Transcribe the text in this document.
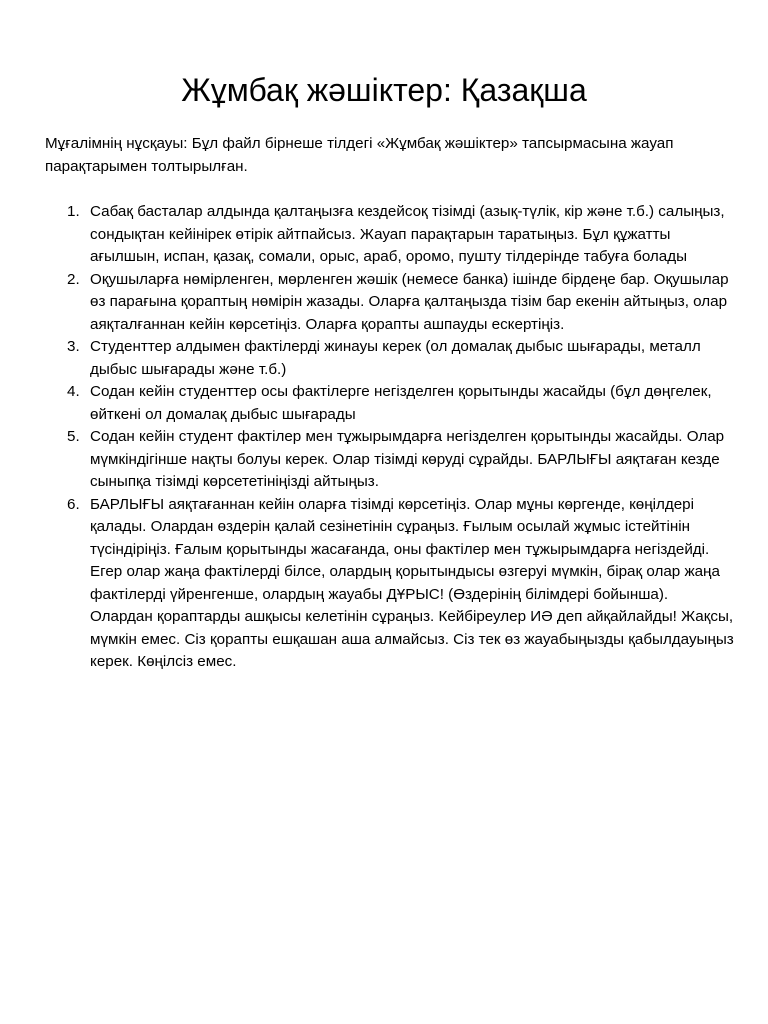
Жұмбақ жәшіктер: Қазақша

Мұғалімнің нұсқауы: Бұл файл бірнеше тілдегі «Жұмбақ жәшіктер» тапсырмасына жауап парақтарымен толтырылған.

1. Сабақ басталар алдында қалтаңызға кездейсоқ тізімді (азық-түлік, кір және т.б.) салыңыз, сондықтан кейінірек өтірік айтпайсыз. Жауап парақтарын таратыңыз. Бұл құжатты ағылшын, испан, қазақ, сомали, орыс, араб, оромо, пушту тілдерінде табуға болады
2. Оқушыларға нөмірленген, мөрленген жәшік (немесе банка) ішінде бірдеңе бар. Оқушылар өз парағына қораптың нөмірін жазады. Оларға қалтаңызда тізім бар екенін айтыңыз, олар аяқталғаннан кейін көрсетіңіз. Оларға қорапты ашпауды ескертіңіз.
3. Студенттер алдымен фактілерді жинауы керек (ол домалақ дыбыс шығарады, металл дыбыс шығарады және т.б.)
4. Содан кейін студенттер осы фактілерге негізделген қорытынды жасайды (бұл дөңгелек, өйткені ол домалақ дыбыс шығарады
5. Содан кейін студент фактілер мен тұжырымдарға негізделген қорытынды жасайды. Олар мүмкіндігінше нақты болуы керек. Олар тізімді көруді сұрайды. БАРЛЫҒЫ аяқтаған кезде сыныпқа тізімді көрсететініңізді айтыңыз.
6. БАРЛЫҒЫ аяқтағаннан кейін оларға тізімді көрсетіңіз. Олар мұны көргенде, көңілдері қалады. Олардан өздерін қалай сезінетінін сұраңыз. Ғылым осылай жұмыс істейтінін түсіндіріңіз. Ғалым қорытынды жасағанда, оны фактілер мен тұжырымдарға негіздейді. Егер олар жаңа фактілерді білсе, олардың қорытындысы өзгеруі мүмкін, бірақ олар жаңа фактілерді үйренгенше, олардың жауабы ДҰРЫС! (Өздерінің білімдері бойынша). Олардан қорaптарды ашқысы келетінін сұраңыз. Кейбіреулер ИӘ деп айқайлайды! Жақсы, мүмкін емес. Сіз қорапты ешқашан аша алмайсыз. Сіз тек өз жауабыңызды қабылдауыңыз керек. Көңілсіз емес.
